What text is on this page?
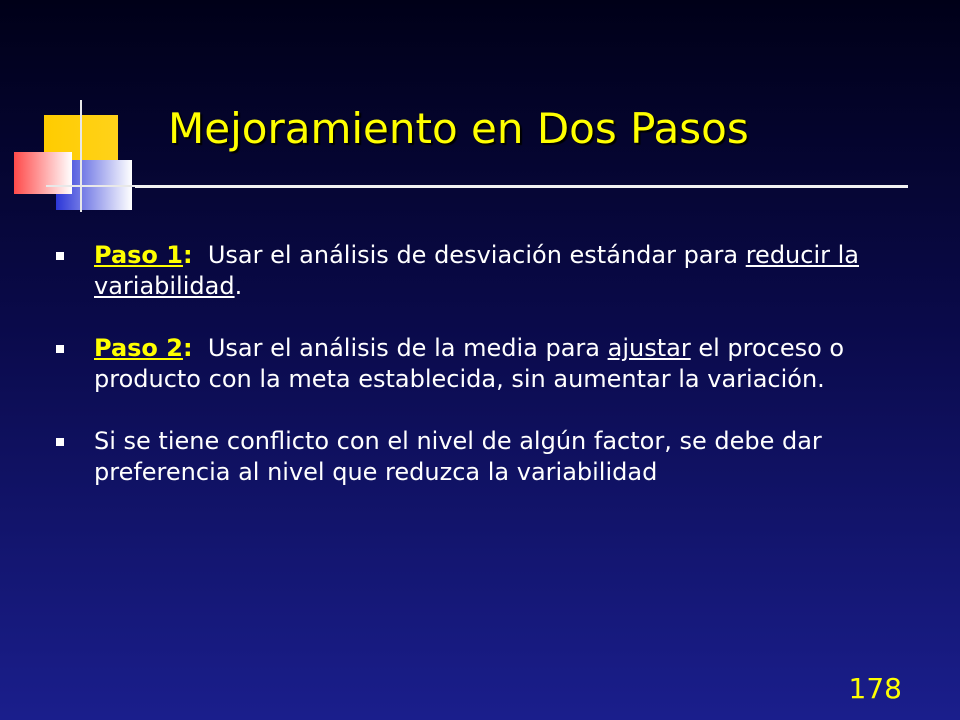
Mejoramiento en Dos Pasos
Paso 1:  Usar el análisis de desviación estándar para reducir la variabilidad.
Paso 2:  Usar el análisis de la media para ajustar el proceso o producto con la meta establecida, sin aumentar la variación.
Si se tiene conflicto con el nivel de algún factor, se debe dar preferencia al nivel que reduzca la variabilidad
178
